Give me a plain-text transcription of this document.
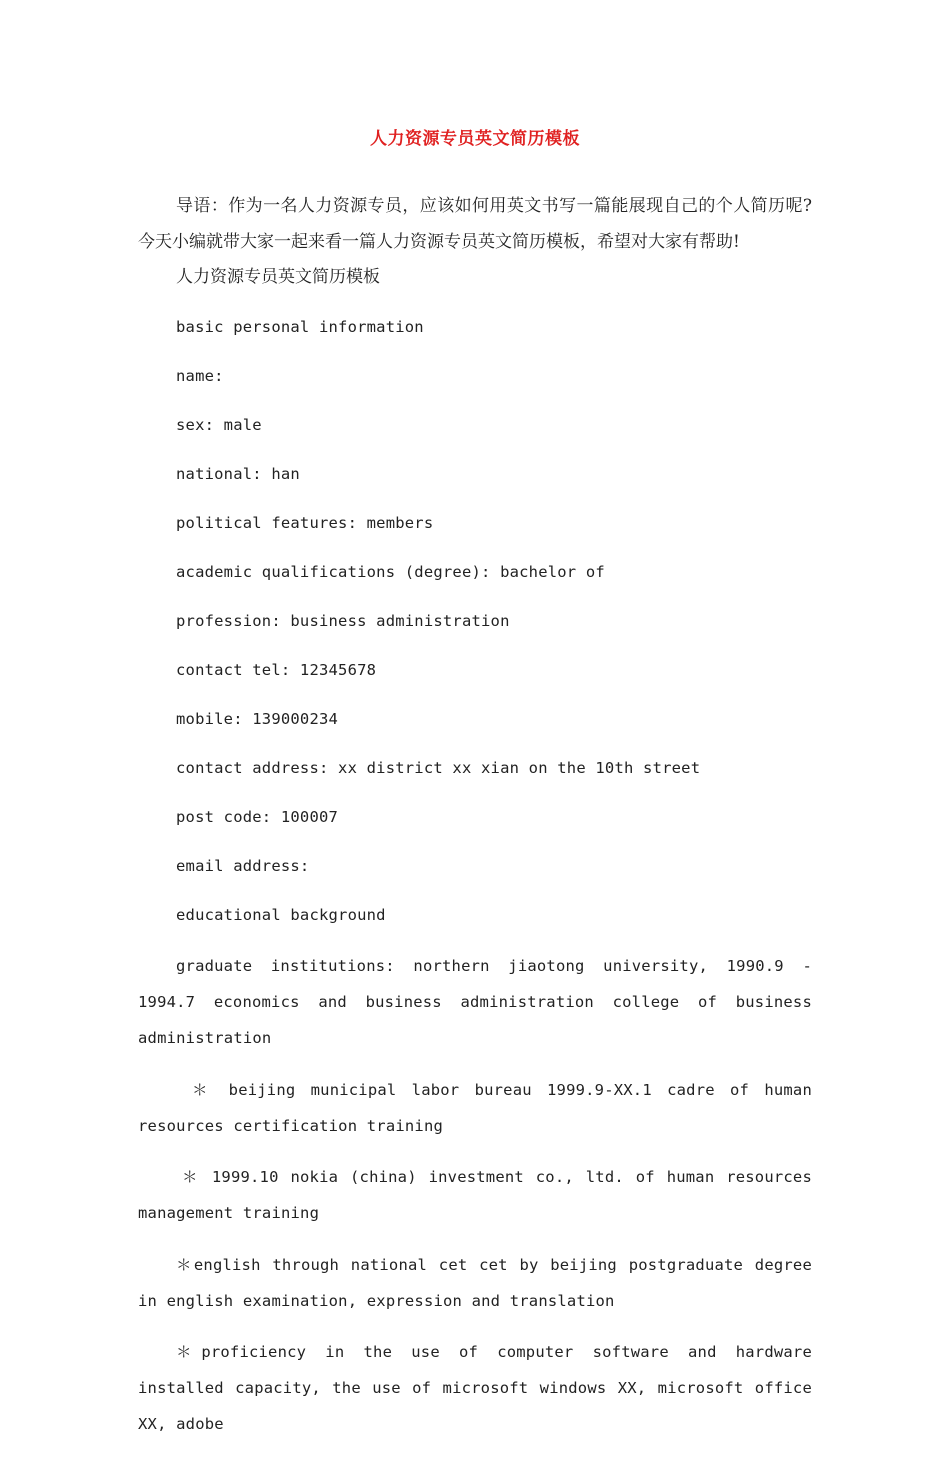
人力资源专员英文简历模板

导语：作为一名人力资源专员，应该如何用英文书写一篇能展现自己的个人简历呢?今天小编就带大家一起来看一篇人力资源专员英文简历模板，希望对大家有帮助!

人力资源专员英文简历模板

basic personal information

name:

sex: male

national: han

political features: members

academic qualifications (degree): bachelor of

profession: business administration

contact tel: 12345678

mobile: 139000234

contact address: xx district xx xian on the 10th street

post code: 100007

email address:

educational background

graduate institutions: northern jiaotong university, 1990.9 - 1994.7 economics and business administration college of business administration

＊ beijing municipal labor bureau 1999.9-XX.1 cadre of human resources certification training

＊ 1999.10 nokia (china) investment co., ltd. of human resources management training

＊english through national cet cet by beijing postgraduate degree in english examination, expression and translation

＊proficiency in the use of computer software and hardware installed capacity, the use of microsoft windows XX, microsoft office XX, adobe
